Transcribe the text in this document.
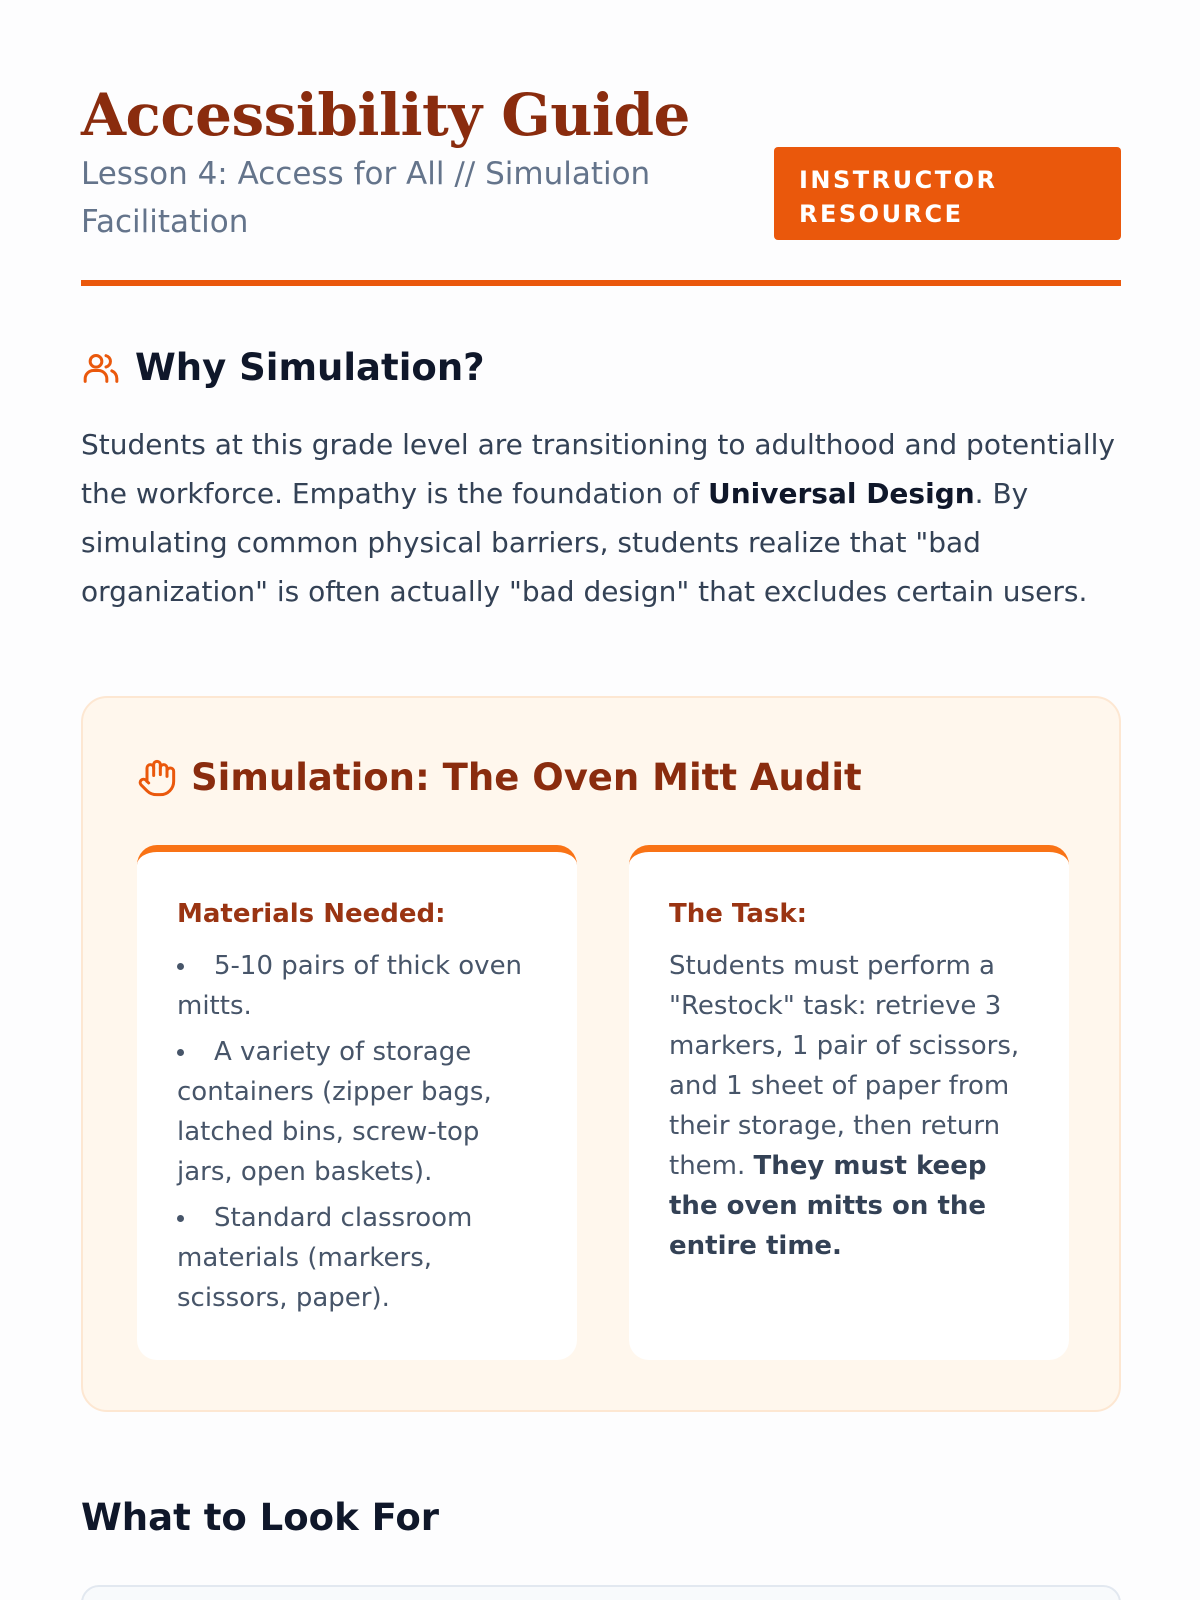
Accessibility Guide

Lesson 4: Access for All // Simulation Facilitation

INSTRUCTOR RESOURCE
Why Simulation?

Students at this grade level are transitioning to adulthood and potentially the workforce. Empathy is the foundation of Universal Design. By simulating common physical barriers, students realize that "bad organization" is often actually "bad design" that excludes certain users.

Simulation: The Oven Mitt Audit
Materials Needed:
5-10 pairs of thick oven mitts.
A variety of storage containers (zipper bags, latched bins, screw-top jars, open baskets).
Standard classroom materials (markers, scissors, paper).
The Task:

Students must perform a "Restock" task: retrieve 3 markers, 1 pair of scissors, and 1 sheet of paper from their storage, then return them. They must keep the oven mitts on the entire time.

What to Look For
